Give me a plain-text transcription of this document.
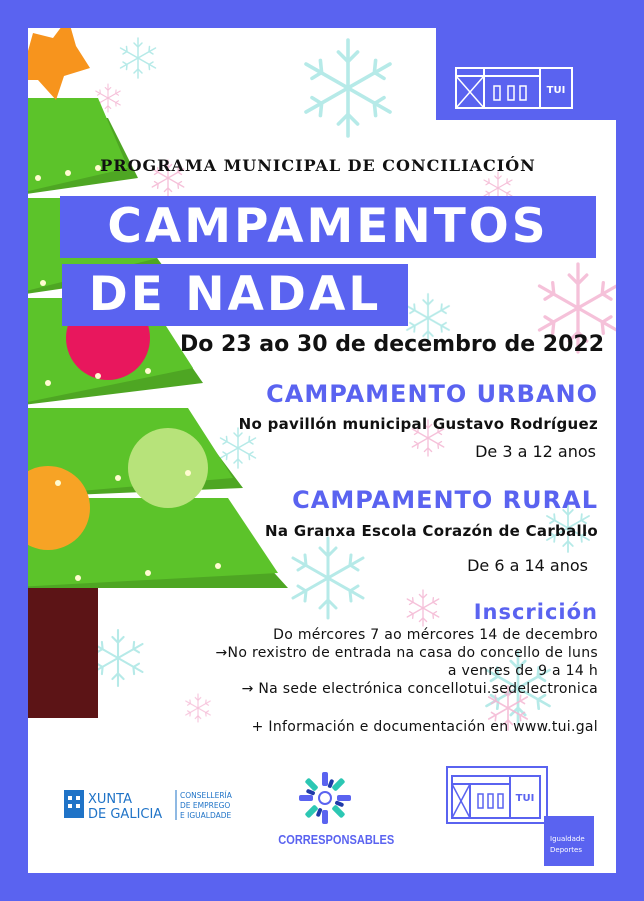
TUI

PROGRAMA MUNICIPAL DE CONCILIACIÓN

CAMPAMENTOS
DE NADAL

Do 23 ao 30 de decembro de 2022

CAMPAMENTO URBANO

No pavillón municipal Gustavo Rodríguez

De 3 a 12 anos

CAMPAMENTO RURAL

Na Granxa Escola Corazón de Carballo

De 6 a 14 anos

Inscrición

Do mércores 7 ao mércores 14 de decembro

→No rexistro de entrada na casa do concello de luns

a venres de 9 a 14 h

→ Na sede electrónica concellotui.sedelectronica

+ Información e documentación en www.tui.gal

XUNTA
DE GALICIA
CONSELLERÍA
DE EMPREGO
E IGUALDADE
CORRESPONSABLES
TUI
Igualdade
Deportes
